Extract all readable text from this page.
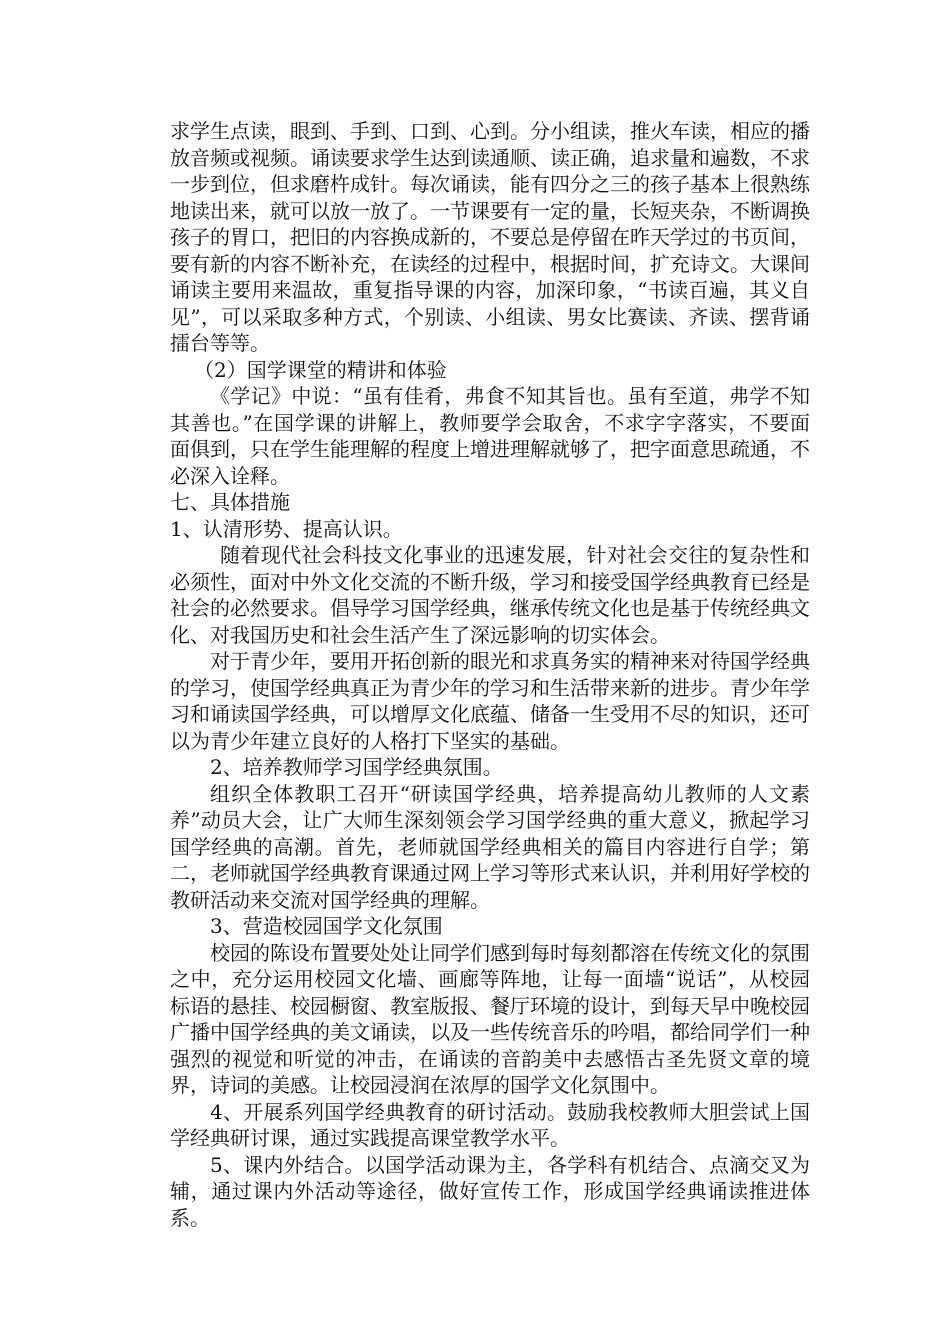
求学生点读，眼到、手到、口到、心到。分小组读，推火车读，相应的播放音频或视频。诵读要求学生达到读通顺、读正确，追求量和遍数，不求一步到位，但求磨杵成针。每次诵读，能有四分之三的孩子基本上很熟练地读出来，就可以放一放了。一节课要有一定的量，长短夹杂，不断调换孩子的胃口，把旧的内容换成新的，不要总是停留在昨天学过的书页间，要有新的内容不断补充，在读经的过程中，根据时间，扩充诗文。大课间诵读主要用来温故，重复指导课的内容，加深印象，“书读百遍，其义自见”，可以采取多种方式，个别读、小组读、男女比赛读、齐读、摆背诵擂台等等。

（2）国学课堂的精讲和体验

《学记》中说：“虽有佳肴，弗食不知其旨也。虽有至道，弗学不知其善也。”在国学课的讲解上，教师要学会取舍，不求字字落实，不要面面俱到，只在学生能理解的程度上增进理解就够了，把字面意思疏通，不必深入诠释。

七、具体措施

1、认清形势、提高认识。

随着现代社会科技文化事业的迅速发展，针对社会交往的复杂性和必须性，面对中外文化交流的不断升级，学习和接受国学经典教育已经是社会的必然要求。倡导学习国学经典，继承传统文化也是基于传统经典文化、对我国历史和社会生活产生了深远影响的切实体会。

对于青少年，要用开拓创新的眼光和求真务实的精神来对待国学经典的学习，使国学经典真正为青少年的学习和生活带来新的进步。青少年学习和诵读国学经典，可以增厚文化底蕴、储备一生受用不尽的知识，还可以为青少年建立良好的人格打下坚实的基础。

2、培养教师学习国学经典氛围。

组织全体教职工召开“研读国学经典，培养提高幼儿教师的人文素养”动员大会，让广大师生深刻领会学习国学经典的重大意义，掀起学习国学经典的高潮。首先，老师就国学经典相关的篇目内容进行自学；第二，老师就国学经典教育课通过网上学习等形式来认识，并利用好学校的教研活动来交流对国学经典的理解。

3、营造校园国学文化氛围

校园的陈设布置要处处让同学们感到每时每刻都溶在传统文化的氛围之中，充分运用校园文化墙、画廊等阵地，让每一面墙“说话”，从校园标语的悬挂、校园橱窗、教室版报、餐厅环境的设计，到每天早中晚校园广播中国学经典的美文诵读，以及一些传统音乐的吟唱，都给同学们一种强烈的视觉和听觉的冲击，在诵读的音韵美中去感悟古圣先贤文章的境界，诗词的美感。让校园浸润在浓厚的国学文化氛围中。

4、开展系列国学经典教育的研讨活动。鼓励我校教师大胆尝试上国学经典研讨课，通过实践提高课堂教学水平。

5、课内外结合。以国学活动课为主，各学科有机结合、点滴交叉为辅，通过课内外活动等途径，做好宣传工作，形成国学经典诵读推进体系。
